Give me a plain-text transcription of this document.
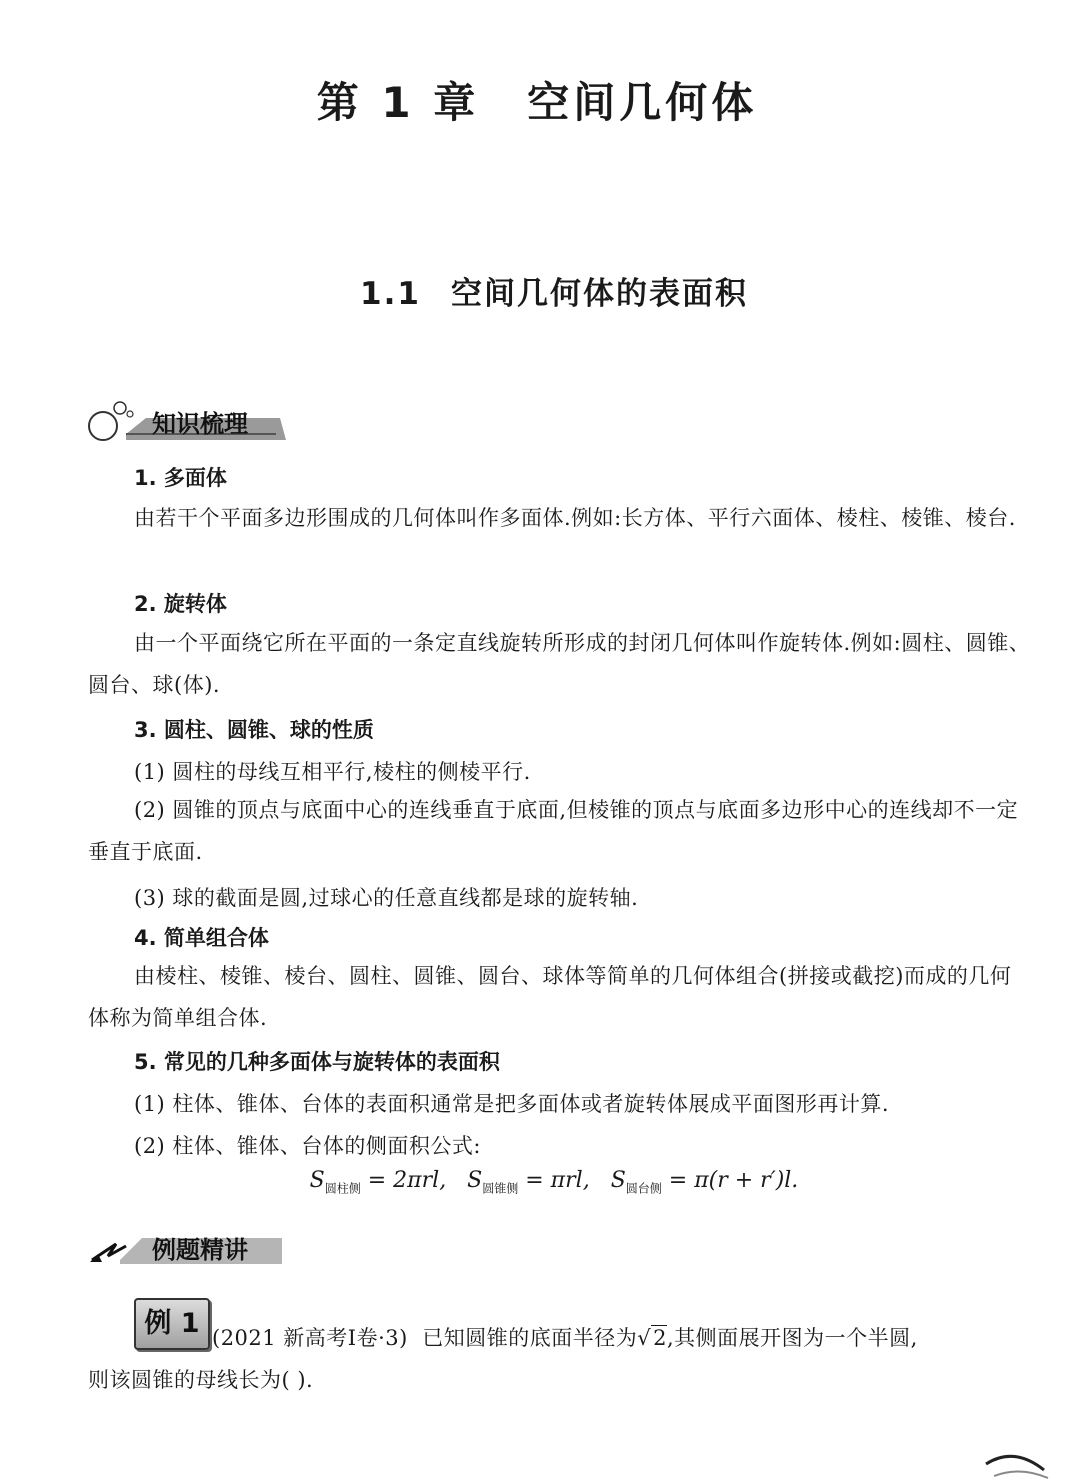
第 1 章 空间几何体
1.1 空间几何体的表面积
知识梳理
1. 多面体
由若干个平面多边形围成的几何体叫作多面体.例如:长方体、平行六面体、棱柱、棱锥、棱台.
2. 旋转体
由一个平面绕它所在平面的一条定直线旋转所形成的封闭几何体叫作旋转体.例如:圆柱、圆锥、圆台、球(体).
3. 圆柱、圆锥、球的性质
(1) 圆柱的母线互相平行,棱柱的侧棱平行.
(2) 圆锥的顶点与底面中心的连线垂直于底面,但棱锥的顶点与底面多边形中心的连线却不一定垂直于底面.
(3) 球的截面是圆,过球心的任意直线都是球的旋转轴.
4. 简单组合体
由棱柱、棱锥、棱台、圆柱、圆锥、圆台、球体等简单的几何体组合(拼接或截挖)而成的几何体称为简单组合体.
5. 常见的几种多面体与旋转体的表面积
(1) 柱体、锥体、台体的表面积通常是把多面体或者旋转体展成平面图形再计算.
(2) 柱体、锥体、台体的侧面积公式:
$S_{圆柱侧} = 2\pi rl$, $S_{圆锥侧} = \pi rl$, $S_{圆台侧} = \pi(r + r')l$.
例题精讲
例 1 (2021 新高考Ⅰ卷·3) 已知圆锥的底面半径为√2,其侧面展开图为一个半圆,
则该圆锥的母线长为( ).
